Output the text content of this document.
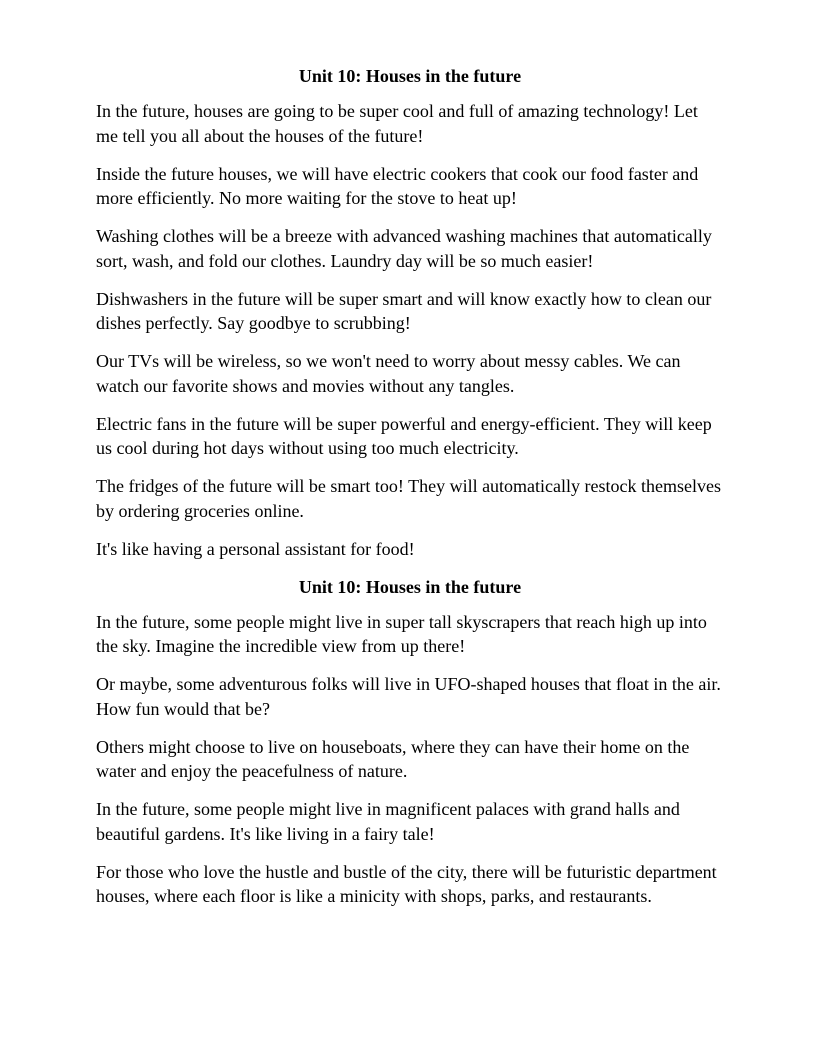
Unit 10: Houses in the future

In the future, houses are going to be super cool and full of amazing technology! Let me tell you all about the houses of the future!

Inside the future houses, we will have electric cookers that cook our food faster and more efficiently. No more waiting for the stove to heat up!

Washing clothes will be a breeze with advanced washing machines that automatically sort, wash, and fold our clothes. Laundry day will be so much easier!

Dishwashers in the future will be super smart and will know exactly how to clean our dishes perfectly. Say goodbye to scrubbing!

Our TVs will be wireless, so we won't need to worry about messy cables. We can watch our favorite shows and movies without any tangles.

Electric fans in the future will be super powerful and energy-efficient. They will keep us cool during hot days without using too much electricity.

The fridges of the future will be smart too! They will automatically restock themselves by ordering groceries online.

It's like having a personal assistant for food!

Unit 10: Houses in the future

In the future, some people might live in super tall skyscrapers that reach high up into the sky. Imagine the incredible view from up there!

Or maybe, some adventurous folks will live in UFO-shaped houses that float in the air. How fun would that be?

Others might choose to live on houseboats, where they can have their home on the water and enjoy the peacefulness of nature.

In the future, some people might live in magnificent palaces with grand halls and beautiful gardens. It's like living in a fairy tale!

For those who love the hustle and bustle of the city, there will be futuristic department houses, where each floor is like a minicity with shops, parks, and restaurants.
